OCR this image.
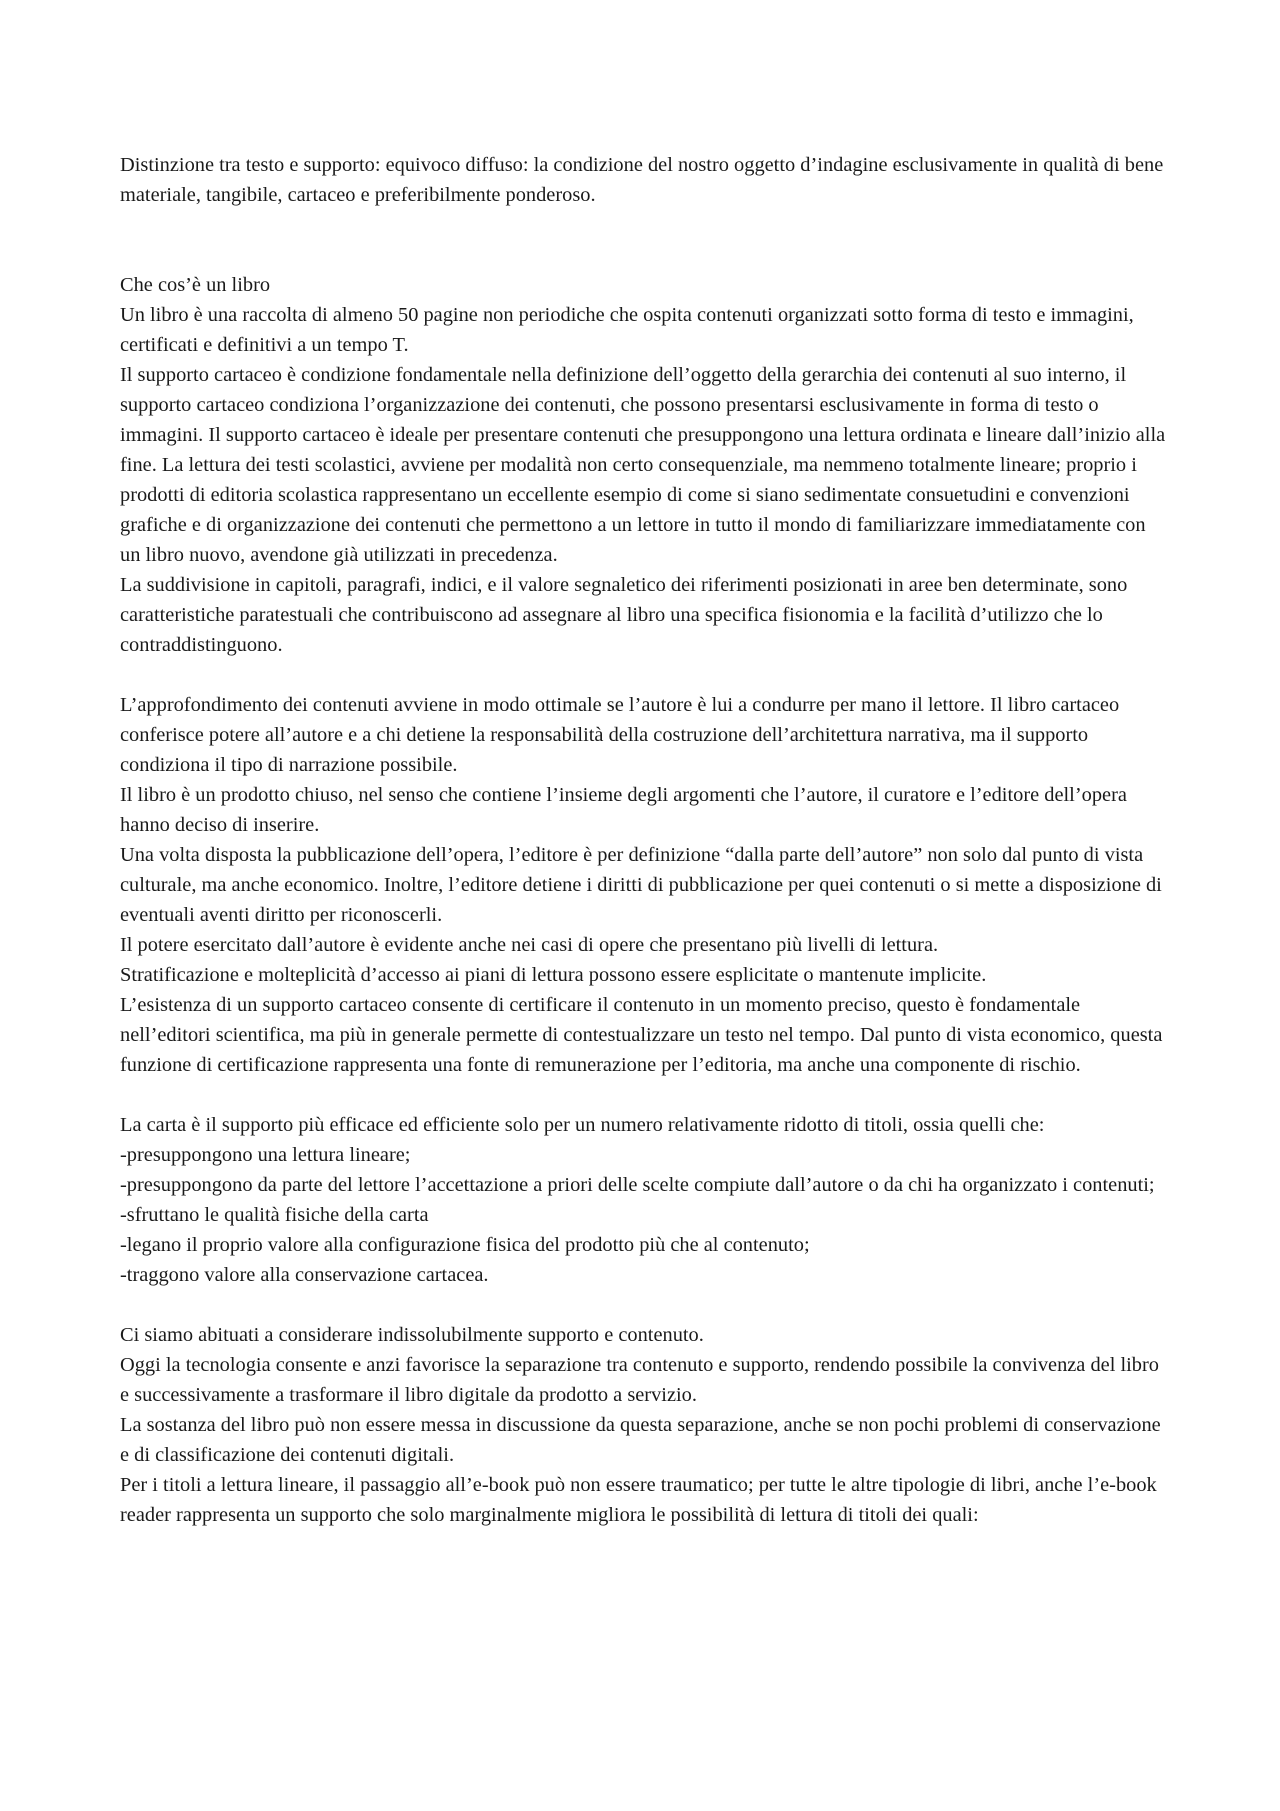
Distinzione tra testo e supporto: equivoco diffuso: la condizione del nostro oggetto d’indagine esclusivamente in qualità di bene materiale, tangibile, cartaceo e preferibilmente ponderoso.

Che cos’è un libro

Un libro è una raccolta di almeno 50 pagine non periodiche che ospita contenuti organizzati sotto forma di testo e immagini, certificati e definitivi a un tempo T.

Il supporto cartaceo è condizione fondamentale nella definizione dell’oggetto della gerarchia dei contenuti al suo interno, il supporto cartaceo condiziona l’organizzazione dei contenuti, che possono presentarsi esclusivamente in forma di testo o immagini. Il supporto cartaceo è ideale per presentare contenuti che presuppongono una lettura ordinata e lineare dall’inizio alla fine. La lettura dei testi scolastici, avviene per modalità non certo consequenziale, ma nemmeno totalmente lineare; proprio i prodotti di editoria scolastica rappresentano un eccellente esempio di come si siano sedimentate consuetudini e convenzioni grafiche e di organizzazione dei contenuti che permettono a un lettore in tutto il mondo di familiarizzare immediatamente con un libro nuovo, avendone già utilizzati in precedenza.

La suddivisione in capitoli, paragrafi, indici, e il valore segnaletico dei riferimenti posizionati in aree ben determinate, sono caratteristiche paratestuali che contribuiscono ad assegnare al libro una specifica fisionomia e la facilità d’utilizzo che lo contraddistinguono.

L’approfondimento dei contenuti avviene in modo ottimale se l’autore è lui a condurre per mano il lettore. Il libro cartaceo conferisce potere all’autore e a chi detiene la responsabilità della costruzione dell’architettura narrativa, ma il supporto condiziona il tipo di narrazione possibile.

Il libro è un prodotto chiuso, nel senso che contiene l’insieme degli argomenti che l’autore, il curatore e l’editore dell’opera hanno deciso di inserire.

Una volta disposta la pubblicazione dell’opera, l’editore è per definizione “dalla parte dell’autore” non solo dal punto di vista culturale, ma anche economico. Inoltre, l’editore detiene i diritti di pubblicazione per quei contenuti o si mette a disposizione di eventuali aventi diritto per riconoscerli.

Il potere esercitato dall’autore è evidente anche nei casi di opere che presentano più livelli di lettura.

Stratificazione e molteplicità d’accesso ai piani di lettura possono essere esplicitate o mantenute implicite.

L’esistenza di un supporto cartaceo consente di certificare il contenuto in un momento preciso, questo è fondamentale nell’editori scientifica, ma più in generale permette di contestualizzare un testo nel tempo. Dal punto di vista economico, questa funzione di certificazione rappresenta una fonte di remunerazione per l’editoria, ma anche una componente di rischio.

La carta è il supporto più efficace ed efficiente solo per un numero relativamente ridotto di titoli, ossia quelli che:

-presuppongono una lettura lineare;

-presuppongono da parte del lettore l’accettazione a priori delle scelte compiute dall’autore o da chi ha organizzato i contenuti;

-sfruttano le qualità fisiche della carta

-legano il proprio valore alla configurazione fisica del prodotto più che al contenuto;

-traggono valore alla conservazione cartacea.

Ci siamo abituati a considerare indissolubilmente supporto e contenuto.

Oggi la tecnologia consente e anzi favorisce la separazione tra contenuto e supporto, rendendo possibile la convivenza del libro e successivamente a trasformare il libro digitale da prodotto a servizio.

La sostanza del libro può non essere messa in discussione da questa separazione, anche se non pochi problemi di conservazione e di classificazione dei contenuti digitali.

Per i titoli a lettura lineare, il passaggio all’e-book può non essere traumatico; per tutte le altre tipologie di libri, anche l’e-book reader rappresenta un supporto che solo marginalmente migliora le possibilità di lettura di titoli dei quali:
